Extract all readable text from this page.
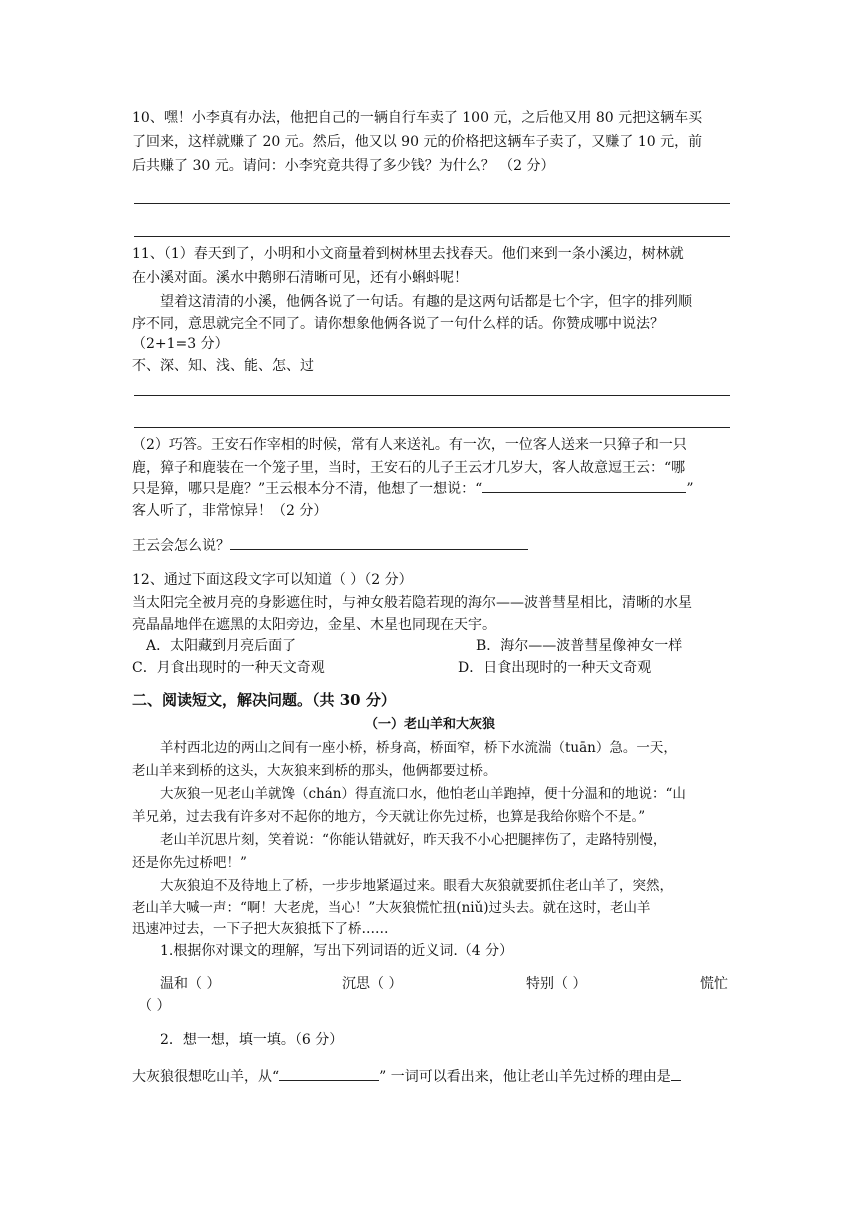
10、嘿！小李真有办法，他把自己的一辆自行车卖了 100 元，之后他又用 80 元把这辆车买
了回来，这样就赚了 20 元。然后，他又以 90 元的价格把这辆车子卖了，又赚了 10 元，前
后共赚了 30 元。请问：小李究竟共得了多少钱？为什么？ （2 分）
11、（1）春天到了，小明和小文商量着到树林里去找春天。他们来到一条小溪边，树林就
在小溪对面。溪水中鹅卵石清晰可见，还有小蝌蚪呢！
望着这清清的小溪，他俩各说了一句话。有趣的是这两句话都是七个字，但字的排列顺
序不同，意思就完全不同了。请你想象他俩各说了一句什么样的话。你赞成哪中说法？
（2+1=3 分）
不、深、知、浅、能、怎、过
（2）巧答。王安石作宰相的时候，常有人来送礼。有一次，一位客人送来一只獐子和一只
鹿，獐子和鹿装在一个笼子里，当时，王安石的儿子王云才几岁大，客人故意逗王云：“哪
只是獐，哪只是鹿？”王云根本分不清，他想了一想说：“	”
客人听了，非常惊异！（2 分）
王云会怎么说？
12、通过下面这段文字可以知道（ ）（2 分）
当太阳完全被月亮的身影遮住时，与神女般若隐若现的海尔——波普彗星相比，清晰的水星
亮晶晶地伴在遮黑的太阳旁边，金星、木星也同现在天宇。
A．太阳藏到月亮后面了	B．海尔——波普彗星像神女一样
C．月食出现时的一种天文奇观	D．日食出现时的一种天文奇观
二、阅读短文，解决问题。（共 30 分）
（一）老山羊和大灰狼
羊村西北边的两山之间有一座小桥，桥身高，桥面窄，桥下水流湍（tuān）急。一天，
老山羊来到桥的这头，大灰狼来到桥的那头，他俩都要过桥。
大灰狼一见老山羊就馋（chán）得直流口水，他怕老山羊跑掉，便十分温和的地说：“山
羊兄弟，过去我有许多对不起你的地方，今天就让你先过桥，也算是我给你赔个不是。”
老山羊沉思片刻，笑着说：“你能认错就好，昨天我不小心把腿摔伤了，走路特别慢，
还是你先过桥吧！”
大灰狼迫不及待地上了桥，一步步地紧逼过来。眼看大灰狼就要抓住老山羊了，突然，
老山羊大喊一声：“啊！大老虎，当心！”大灰狼慌忙扭(niǔ)过头去。就在这时，老山羊
迅速冲过去，一下子把大灰狼抵下了桥……
1.根据你对课文的理解，写出下列词语的近义词.（4 分）
温和（ ）	沉思（ ）	特别（ ）	慌忙
（ ）
2．想一想，填一填。（6 分）
大灰狼很想吃山羊，从“	” 一词可以看出来，他让老山羊先过桥的理由是
